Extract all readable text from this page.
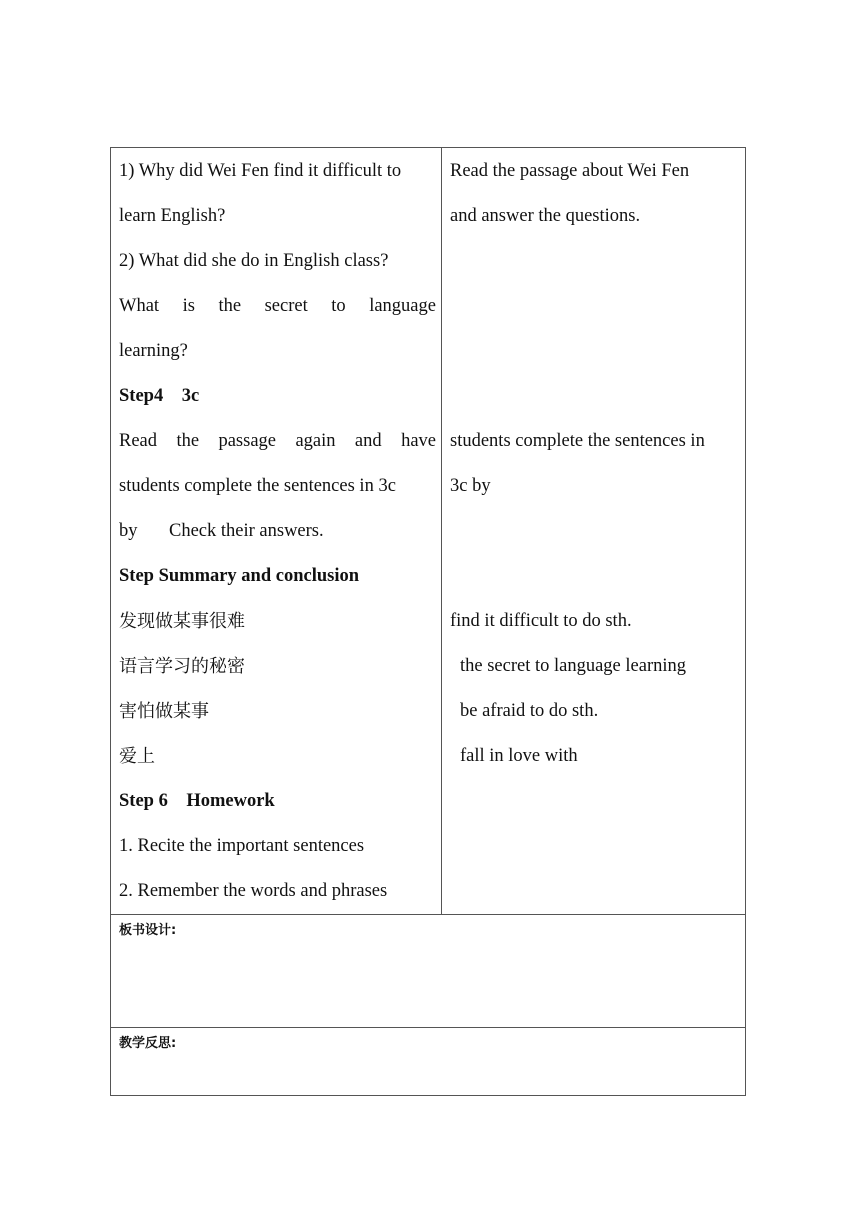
1) Why did Wei Fen find it difficult to
learn English?
2) What did she do in English class?
What is the secret to language
learning?
Step4    3c
Read the passage again and have
students complete the sentences in 3c
by Check their answers.
Step Summary and conclusion
发现做某事很难
语言学习的秘密
害怕做某事
爱上
Step 6    Homework
1. Recite the important sentences
2. Remember the words and phrases
Read the passage about Wei Fen
and answer the questions.
students complete the sentences in
3c by
find it difficult to do sth.
the secret to language learning
be afraid to do sth.
fall in love with
板书设计:
教学反思:
